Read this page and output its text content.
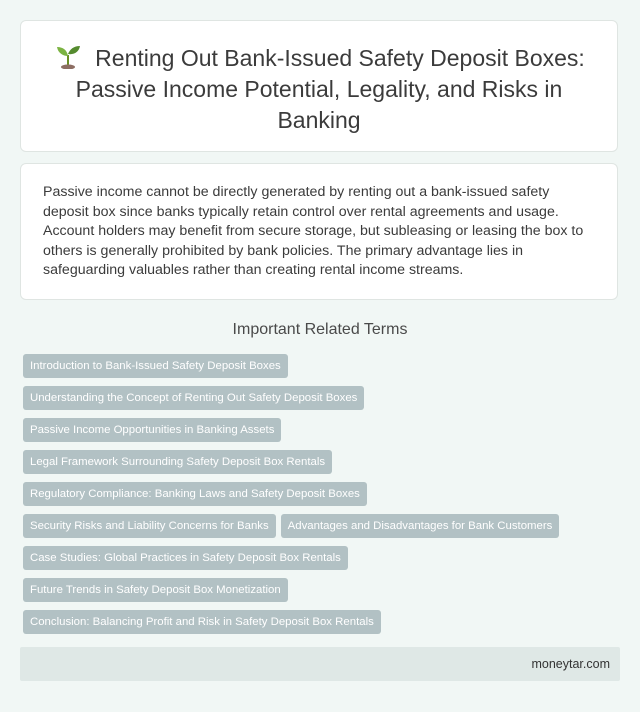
Renting Out Bank-Issued Safety Deposit Boxes: Passive Income Potential, Legality, and Risks in Banking

Passive income cannot be directly generated by renting out a bank-issued safety deposit box since banks typically retain control over rental agreements and usage. Account holders may benefit from secure storage, but subleasing or leasing the box to others is generally prohibited by bank policies. The primary advantage lies in safeguarding valuables rather than creating rental income streams.

Important Related Terms
Introduction to Bank-Issued Safety Deposit Boxes
Understanding the Concept of Renting Out Safety Deposit Boxes
Passive Income Opportunities in Banking Assets
Legal Framework Surrounding Safety Deposit Box Rentals
Regulatory Compliance: Banking Laws and Safety Deposit Boxes
Security Risks and Liability Concerns for Banks Advantages and Disadvantages for Bank Customers
Case Studies: Global Practices in Safety Deposit Box Rentals
Future Trends in Safety Deposit Box Monetization
Conclusion: Balancing Profit and Risk in Safety Deposit Box Rentals
moneytar.com
